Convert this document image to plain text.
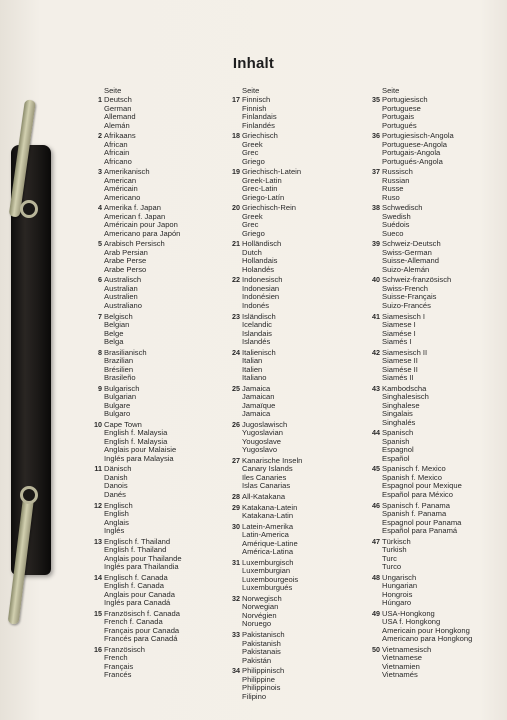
Inhalt
Seite
1 Deutsch
German
Allemand
Alemán
2 Afrikaans
African
Africain
Africano
3 Amerikanisch
American
Américain
Americano
4 Amerika f. Japan
American f. Japan
Américain pour Japon
Americano para Japón
5 Arabisch Persisch
Arab Persian
Arabe Perse
Arabe Perso
6 Australisch
Australian
Australien
Australiano
7 Belgisch
Belgian
Belge
Belga
8 Brasilianisch
Brazilian
Brésilien
Brasileño
9 Bulgarisch
Bulgarian
Bulgare
Bulgaro
10 Cape Town
English f. Malaysia
English f. Malaysia
Anglais pour Malaisie
Inglés para Malaysia
11 Dänisch
Danish
Danois
Danés
12 Englisch
English
Anglais
Inglés
13 Englisch f. Thailand
English f. Thailand
Anglais pour Thailande
Inglés para Thailandia
14 Englisch f. Canada
English f. Canada
Anglais pour Canada
Inglés para Canadá
15 Französisch f. Canada
French f. Canada
Français pour Canada
Francés para Canadá
16 Französisch
French
Français
Francés
Seite
17 Finnisch
Finnish
Finlandais
Finlandés
18 Griechisch
Greek
Grec
Griego
19 Griechisch-Latein
Greek-Latin
Grec-Latin
Griego-Latín
20 Griechisch-Rein
Greek
Grec
Griego
21 Holländisch
Dutch
Hollandais
Holandés
22 Indonesisch
Indonesian
Indonésien
Indonés
23 Isländisch
Icelandic
Islandais
Islandés
24 Italienisch
Italian
Italien
Italiano
25 Jamaica
Jamaican
Jamaïque
Jamaica
26 Jugoslawisch
Yugoslavian
Yougoslave
Yugoslavo
27 Kanarische Inseln
Canary Islands
Iles Canaries
Islas Canarias
28 All-Katakana
29 Katakana-Latein
Katakana-Latin
30 Latein-Amerika
Latin-America
Amérique-Latine
América-Latina
31 Luxemburgisch
Luxemburgian
Luxembourgeois
Luxemburgués
32 Norwegisch
Norwegian
Norvégien
Noruego
33 Pakistanisch
Pakistanish
Pakistanais
Pakistán
34 Philippinisch
Philippine
Philippinois
Filipino
Seite
35 Portugiesisch
Portuguese
Portugais
Portugués
36 Portugiesisch-Angola
Portuguese-Angola
Portugais-Angola
Portugués-Angola
37 Russisch
Russian
Russe
Ruso
38 Schwedisch
Swedish
Suédois
Sueco
39 Schweiz-Deutsch
Swiss-German
Suisse-Allemand
Suizo-Alemán
40 Schweiz-französisch
Swiss-French
Suisse-Français
Suizo-Francés
41 Siamesisch I
Siamese I
Siamése I
Siamés I
42 Siamesisch II
Siamese II
Siamése II
Siamés II
43 Kambodscha
Singhalesisch
Singhalese
Singalais
Singhalés
44 Spanisch
Spanish
Espagnol
Español
45 Spanisch f. Mexico
Spanish f. Mexico
Espagnol pour Mexique
Español para México
46 Spanisch f. Panama
Spanish f. Panama
Espagnol pour Panama
Español para Panamá
47 Türkisch
Turkish
Turc
Turco
48 Ungarisch
Hungarian
Hongrois
Húngaro
49 USA-Hongkong
USA f. Hongkong
Americain pour Hongkong
Americano para Hongkong
50 Vietnamesisch
Vietnamese
Vietnamien
Vietnamés
